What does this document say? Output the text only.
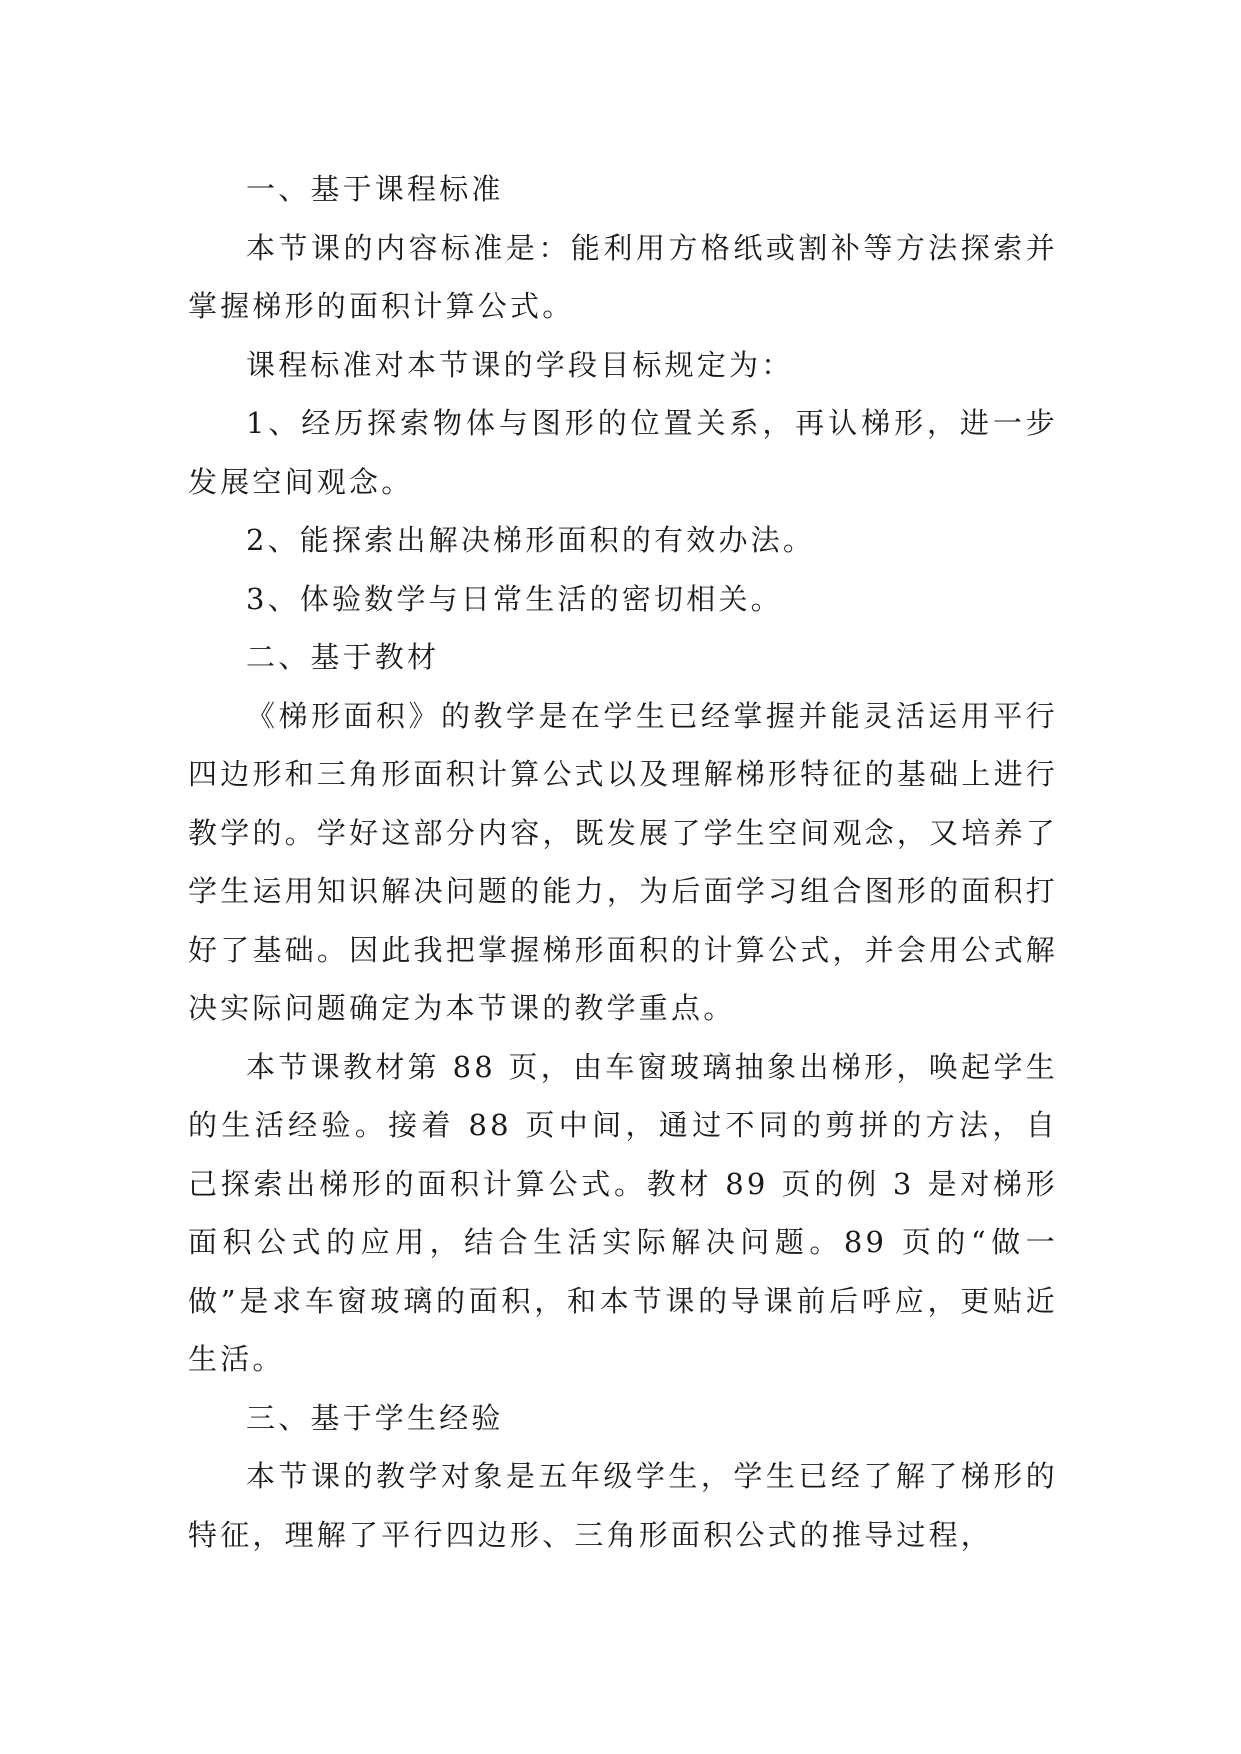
一、基于课程标准

本节课的内容标准是：能利用方格纸或割补等方法探索并掌握梯形的面积计算公式。

课程标准对本节课的学段目标规定为：

1、经历探索物体与图形的位置关系，再认梯形，进一步发展空间观念。

2、能探索出解决梯形面积的有效办法。

3、体验数学与日常生活的密切相关。

二、基于教材

《梯形面积》的教学是在学生已经掌握并能灵活运用平行四边形和三角形面积计算公式以及理解梯形特征的基础上进行教学的。学好这部分内容，既发展了学生空间观念，又培养了学生运用知识解决问题的能力，为后面学习组合图形的面积打好了基础。因此我把掌握梯形面积的计算公式，并会用公式解决实际问题确定为本节课的教学重点。

本节课教材第 88 页，由车窗玻璃抽象出梯形，唤起学生的生活经验。接着 88 页中间，通过不同的剪拼的方法，自己探索出梯形的面积计算公式。教材 89 页的例 3 是对梯形面积公式的应用，结合生活实际解决问题。89 页的“做一做”是求车窗玻璃的面积，和本节课的导课前后呼应，更贴近生活。

三、基于学生经验

本节课的教学对象是五年级学生，学生已经了解了梯形的特征，理解了平行四边形、三角形面积公式的推导过程，
